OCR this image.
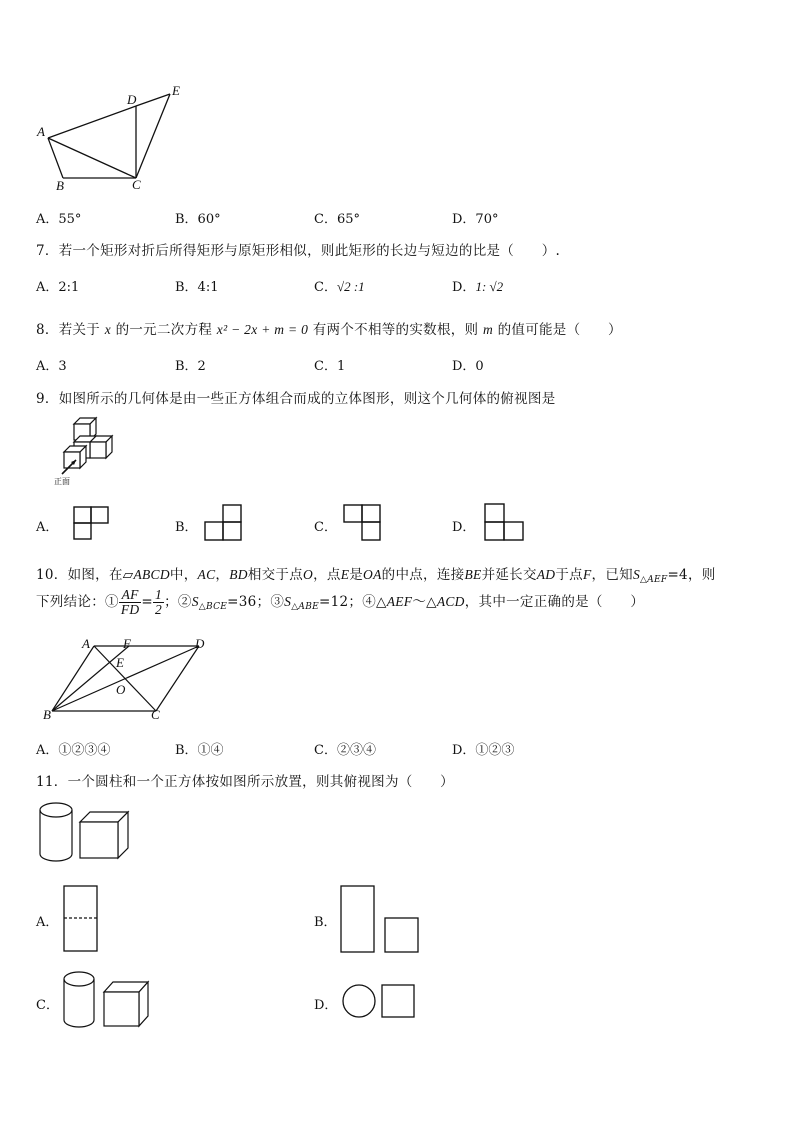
A
B	C
D
E
A．55°	B．60°	C．65°	D．70°
7．若一个矩形对折后所得矩形与原矩形相似，则此矩形的长边与短边的比是（　　）.
A．2:1	B．4:1	C．√2 :1	D．1: √2
8．若关于 x 的一元二次方程 x² − 2x + m = 0 有两个不相等的实数根，则 m 的值可能是（　　）
A．3	B．2	C．1	D．0
9．如图所示的几何体是由一些正方体组合而成的立体图形，则这个几何体的俯视图是
正面
A．	B．	C．	D．
10．如图，在▱ABCD中，AC，BD相交于点O，点E是OA的中点，连接BE并延长交AD于点F，已知$S_{\triangle AEF}=4$，则
下列结论：① $\frac{AF}{FD} = \frac{1}{2}$ ；$②S_{\triangle BCE}=36$；$③S_{\triangle ABE}=12$；④△AEF～△ACD，其中一定正确的是（　　）
A	F	D
E
O
B	C
A．①②③④	B．①④	C．②③④	D．①②③
11．一个圆柱和一个正方体按如图所示放置，则其俯视图为（　　）
A．	B．
C．	D．
